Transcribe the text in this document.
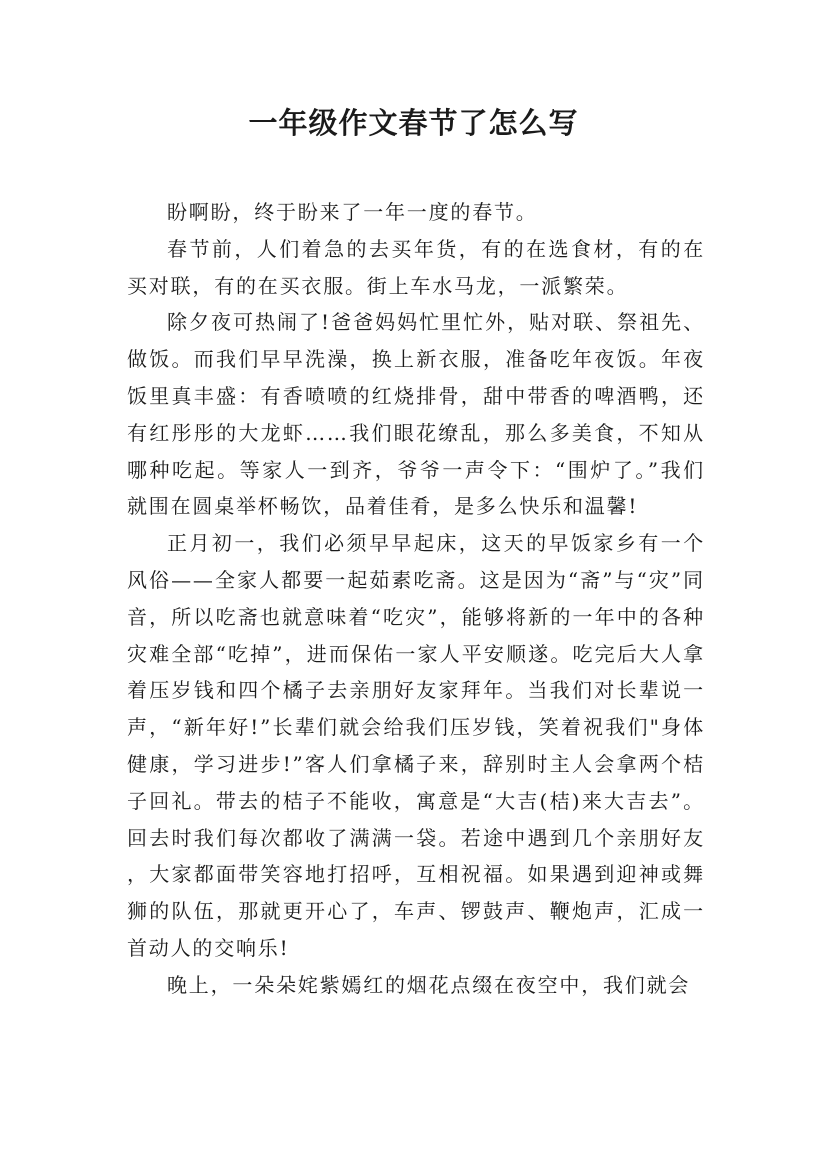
一年级作文春节了怎么写

盼啊盼，终于盼来了一年一度的春节。

春节前，人们着急的去买年货，有的在选食材，有的在买对联，有的在买衣服。街上车水马龙，一派繁荣。

除夕夜可热闹了!爸爸妈妈忙里忙外，贴对联、祭祖先、做饭。而我们早早洗澡，换上新衣服，准备吃年夜饭。年夜饭里真丰盛：有香喷喷的红烧排骨，甜中带香的啤酒鸭，还有红彤彤的大龙虾……我们眼花缭乱，那么多美食，不知从哪种吃起。等家人一到齐，爷爷一声令下：“围炉了。”我们就围在圆桌举杯畅饮，品着佳肴，是多么快乐和温馨!

正月初一，我们必须早早起床，这天的早饭家乡有一个风俗——全家人都要一起茹素吃斋。这是因为“斋”与“灾”同音，所以吃斋也就意味着“吃灾”，能够将新的一年中的各种灾难全部“吃掉”，进而保佑一家人平安顺遂。吃完后大人拿着压岁钱和四个橘子去亲朋好友家拜年。当我们对长辈说一声，“新年好!”长辈们就会给我们压岁钱，笑着祝我们"身体健康，学习进步!”客人们拿橘子来，辞别时主人会拿两个桔子回礼。带去的桔子不能收，寓意是“大吉(桔)来大吉去”。回去时我们每次都收了满满一袋。若途中遇到几个亲朋好友，大家都面带笑容地打招呼，互相祝福。如果遇到迎神或舞狮的队伍，那就更开心了，车声、锣鼓声、鞭炮声，汇成一首动人的交响乐!

晚上，一朵朵姹紫嫣红的烟花点缀在夜空中，我们就会
